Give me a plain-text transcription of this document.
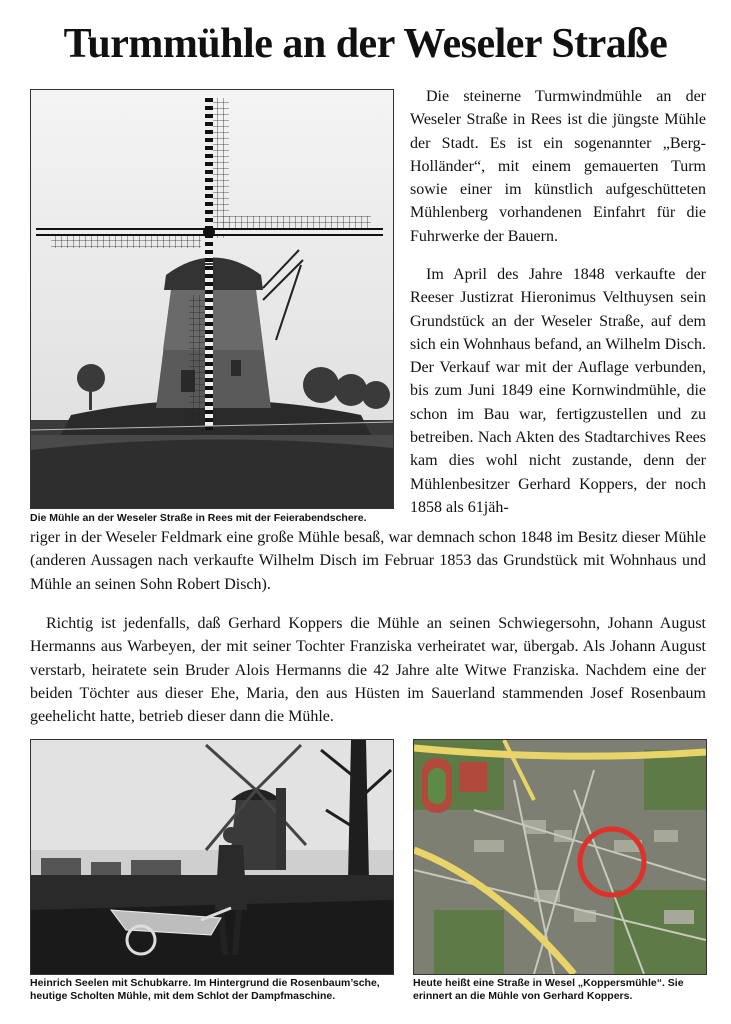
Turmmühle an der Weseler Straße
Die Mühle an der Weseler Straße in Rees mit der Feierabendschere.

Die steinerne Turmwindmühle an der Weseler Straße in Rees ist die jüngste Mühle der Stadt. Es ist ein sogenannter „Berg-Holländer“, mit einem gemauerten Turm sowie einer im künstlich aufgeschütteten Mühlenberg vorhandenen Einfahrt für die Fuhrwerke der Bauern.

Im April des Jahre 1848 verkaufte der Reeser Justizrat Hieronimus Velthuysen sein Grundstück an der Weseler Straße, auf dem sich ein Wohnhaus befand, an Wilhelm Disch. Der Verkauf war mit der Auflage verbunden, bis zum Juni 1849 eine Kornwindmühle, die schon im Bau war, fertigzustellen und zu betreiben. Nach Akten des Stadtarchives Rees kam dies wohl nicht zustande, denn der Mühlenbesitzer Gerhard Koppers, der noch 1858 als 61jäh-

riger in der Weseler Feldmark eine große Mühle besaß, war demnach schon 1848 im Besitz dieser Mühle (anderen Aussagen nach verkaufte Wilhelm Disch im Februar 1853 das Grundstück mit Wohnhaus und Mühle an seinen Sohn Robert Disch).

Richtig ist jedenfalls, daß Gerhard Koppers die Mühle an seinen Schwiegersohn, Johann August Hermanns aus Warbeyen, der mit seiner Tochter Franziska verheiratet war, übergab. Als Johann August verstarb, heiratete sein Bruder Alois Hermanns die 42 Jahre alte Witwe Franziska. Nachdem eine der beiden Töchter aus dieser Ehe, Maria, den aus Hüsten im Sauerland stammenden Josef Rosenbaum geehelicht hatte, betrieb dieser dann die Mühle.

Heinrich Seelen mit Schubkarre. Im Hintergrund die Rosenbaum’sche, heutige Scholten Mühle, mit dem Schlot der Dampfmaschine.
Heute heißt eine Straße in Wesel „Koppersmühle“. Sie erinnert an die Mühle von Gerhard Koppers.
